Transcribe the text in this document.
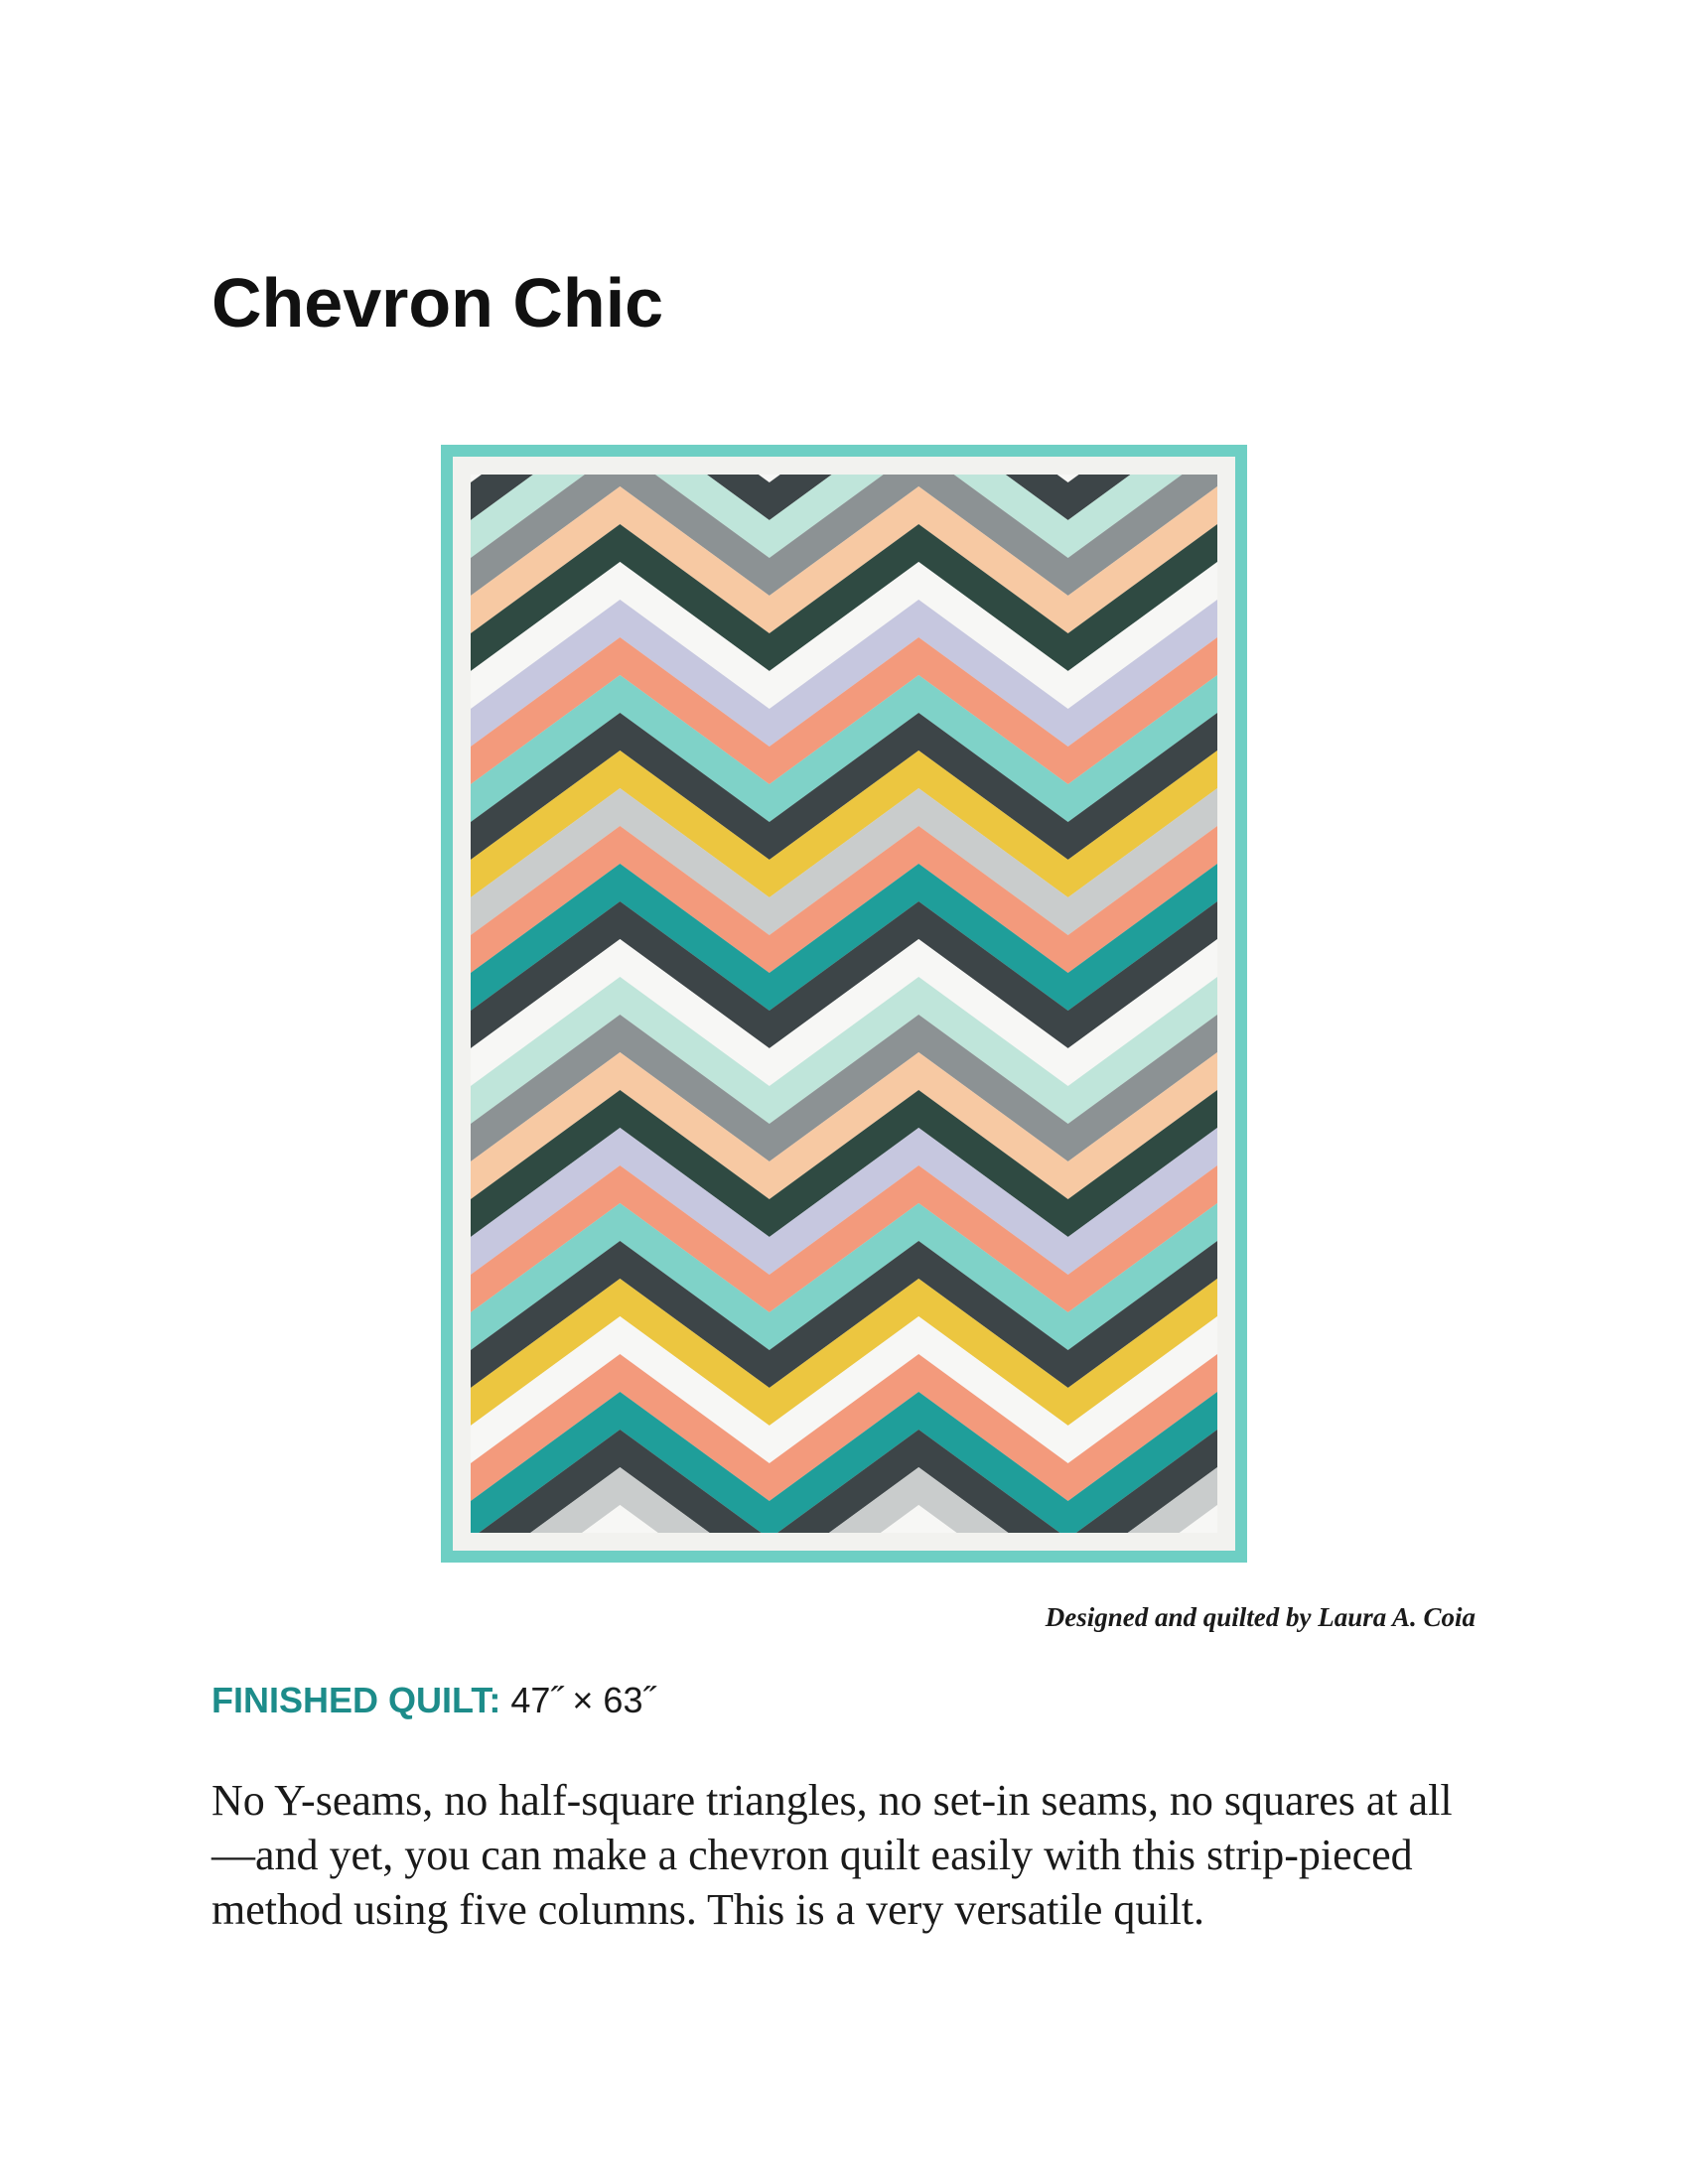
Chevron Chic

Designed and quilted by Laura A. Coia

FINISHED QUILT: 47˝ × 63˝

No Y-seams, no half-square triangles, no set-in seams, no squares at all—and yet, you can make a chevron quilt easily with this strip-pieced method using five columns. This is a very versatile quilt.
